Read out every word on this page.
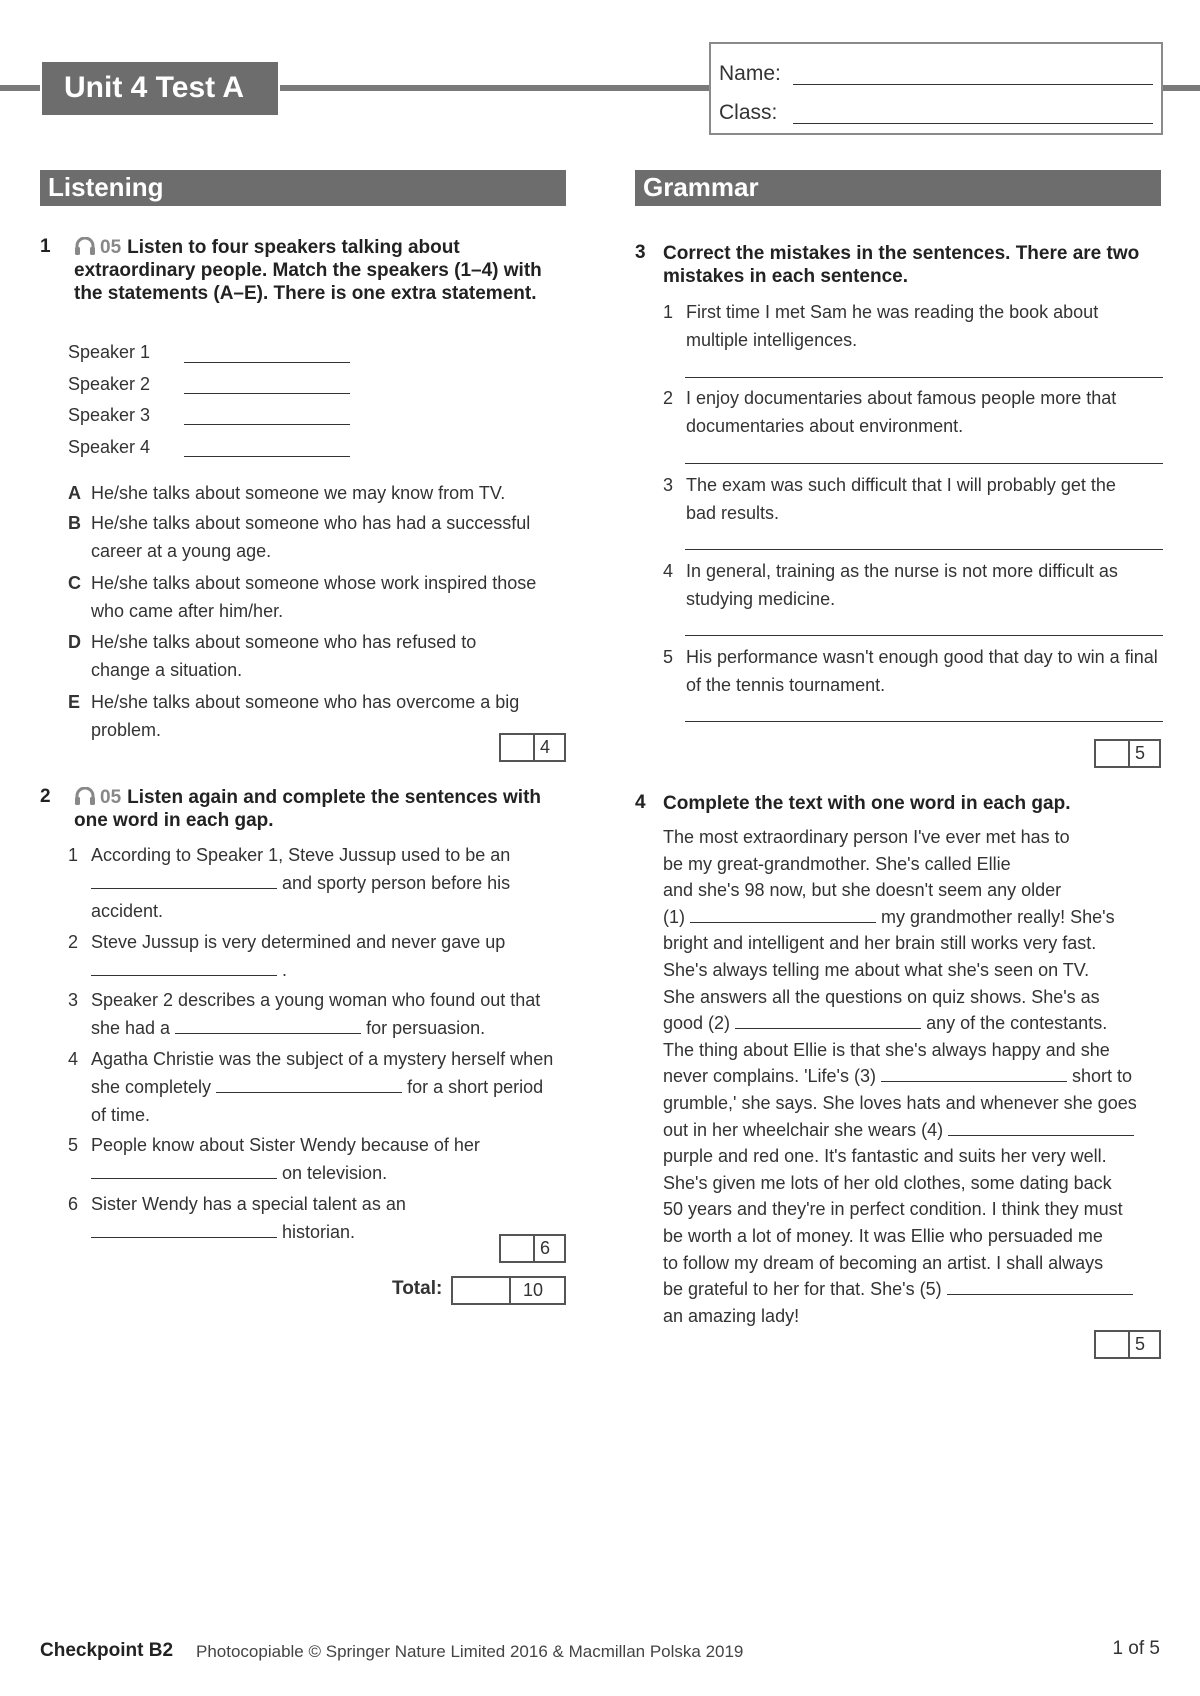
Unit 4 Test A	Name:
Class:
Listening	Grammar
1	05 Listen to four speakers talking about extraordinary people. Match the speakers (1–4) with the statements (A–E). There is one extra statement.
Speaker 1
Speaker 2
Speaker 3
Speaker 4
A He/she talks about someone we may know from TV.
B He/she talks about someone who has had a successful career at a young age.
C He/she talks about someone whose work inspired those who came after him/her.
D He/she talks about someone who has refused to change a situation.
E He/she talks about someone who has overcome a big problem.
4
2	05 Listen again and complete the sentences with one word in each gap.
1 According to Speaker 1, Steve Jussup used to be an  and sporty person before his accident.
2 Steve Jussup is very determined and never gave up  .
3 Speaker 2 describes a young woman who found out that she had a	for persuasion.
4 Agatha Christie was the subject of a mystery herself when she completely	for a short period of time.
5 People know about Sister Wendy because of her  on television.
6 Sister Wendy has a special talent as an  historian.
6
Total:	10
3 Correct the mistakes in the sentences. There are two mistakes in each sentence.
1 First time I met Sam he was reading the book about multiple intelligences.
2 I enjoy documentaries about famous people more that documentaries about environment.
3 The exam was such difficult that I will probably get the bad results.
4 In general, training as the nurse is not more difficult as studying medicine.
5 His performance wasn't enough good that day to win a final of the tennis tournament.
5
4 Complete the text with one word in each gap.
The most extraordinary person I've ever met has to
be my great-grandmother. She's called Ellie
and she's 98 now, but she doesn't seem any older
(1)	my grandmother really! She's
bright and intelligent and her brain still works very fast.
She's always telling me about what she's seen on TV.
She answers all the questions on quiz shows. She's as
good (2)	any of the contestants.
The thing about Ellie is that she's always happy and she
never complains. 'Life's (3)	short to
grumble,' she says. She loves hats and whenever she goes
out in her wheelchair she wears (4)
purple and red one. It's fantastic and suits her very well.
She's given me lots of her old clothes, some dating back
50 years and they're in perfect condition. I think they must
be worth a lot of money. It was Ellie who persuaded me
to follow my dream of becoming an artist. I shall always
be grateful to her for that. She's (5)
an amazing lady!
5
Checkpoint B2 Photocopiable © Springer Nature Limited 2016 & Macmillan Polska 2019	1 of 5
